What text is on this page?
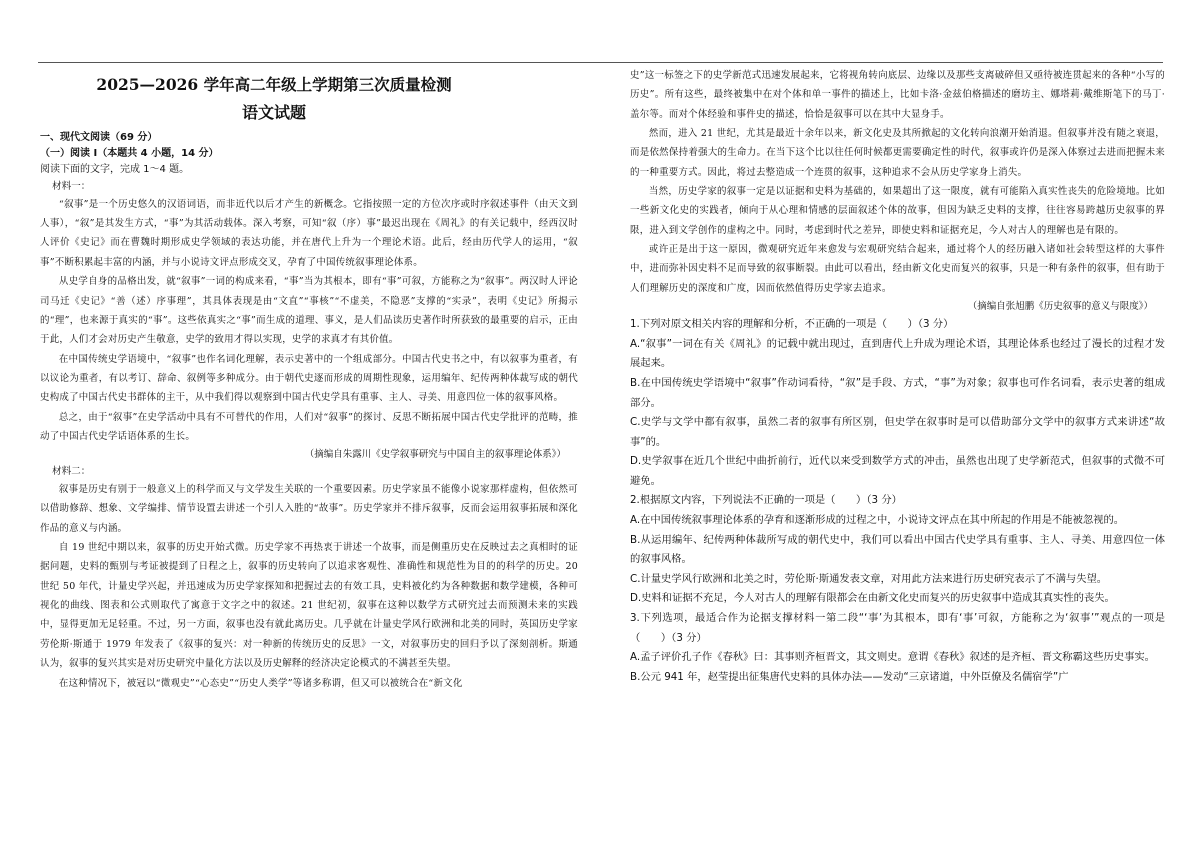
2025—2026 学年高二年级上学期第三次质量检测
语文试题
一、现代文阅读（69 分）
（一）阅读 I（本题共 4 小题，14 分）
阅读下面的文字，完成 1～4 题。
材料一：

“叙事”是一个历史悠久的汉语词语，而非近代以后才产生的新概念。它指按照一定的方位次序或时序叙述事件（由天文到人事），“叙”是其发生方式，“事”为其活动载体。深入考察，可知“叙（序）事”最迟出现在《周礼》的有关记载中，经西汉时人评价《史记》而在曹魏时期形成史学领域的表达功能，并在唐代上升为一个理论术语。此后，经由历代学人的运用，“叙事”不断积累起丰富的内涵，并与小说诗文评点形成交叉，孕育了中国传统叙事理论体系。

从史学自身的品格出发，就“叙事”一词的构成来看，“事”当为其根本，即有“事”可叙，方能称之为“叙事”。两汉时人评论司马迁《史记》“善（述）序事理”，其具体表现是由“文直”“事核”“不虚美，不隐恶”支撑的“实录”，表明《史记》所揭示的“理”，也来源于真实的“事”。这些依真实之“事”而生成的道理、事义，是人们品读历史著作时所获致的最重要的启示，正由于此，人们才会对历史产生敬意，史学的致用才得以实现，史学的求真才有其价值。

在中国传统史学语境中，“叙事”也作名词化理解，表示史著中的一个组成部分。中国古代史书之中，有以叙事为重者，有以议论为重者，有以考订、辞命、叙例等多种成分。由于朝代史逐而形成的周期性现象，运用编年、纪传两种体裁写成的朝代史构成了中国古代史书群体的主干，从中我们得以观察到中国古代史学具有重事、主人、寻美、用意四位一体的叙事风格。

总之，由于“叙事”在史学活动中具有不可替代的作用，人们对“叙事”的探讨、反思不断拓展中国古代史学批评的范畴，推动了中国古代史学话语体系的生长。

（摘编自朱露川《史学叙事研究与中国自主的叙事理论体系》）

材料二：

叙事是历史有别于一般意义上的科学而又与文学发生关联的一个重要因素。历史学家虽不能像小说家那样虚构，但依然可以借助修辞、想象、文学编排、情节设置去讲述一个引人入胜的“故事”。历史学家并不排斥叙事，反而会运用叙事拓展和深化作品的意义与内涵。

自 19 世纪中期以来，叙事的历史开始式微。历史学家不再热衷于讲述一个故事，而是侧重历史在反映过去之真相时的证据问题，史料的甄别与考证被提到了日程之上，叙事的历史转向了以追求客观性、准确性和规范性为目的的科学的历史。20 世纪 50 年代，计量史学兴起，并迅速成为历史学家探知和把握过去的有效工具，史料被化约为各种数据和数学建模，各种可视化的曲线、图表和公式则取代了寓意于文字之中的叙述。21 世纪初，叙事在这种以数学方式研究过去而预测未来的实践中，显得更加无足轻重。不过，另一方面，叙事也没有就此离历史。几乎就在计量史学风行欧洲和北美的同时，英国历史学家劳伦斯·斯通于 1979 年发表了《叙事的复兴：对一种新的传统历史的反思》一文，对叙事历史的回归予以了深刻剖析。斯通认为，叙事的复兴其实是对历史研究中量化方法以及历史解释的经济决定论模式的不满甚至失望。

在这种情况下，被冠以“微观史”“心态史”“历史人类学”等诸多称谓，但又可以被统合在“新文化

史”这一标签之下的史学新范式迅速发展起来，它将视角转向底层、边缘以及那些支离破碎但又亟待被连贯起来的各种“小写的历史”。所有这些，最终被集中在对个体和单一事件的描述上，比如卡洛·金兹伯格描述的磨坊主、娜塔莉·戴维斯笔下的马丁·盖尔等。而对个体经验和事件史的描述，恰恰是叙事可以在其中大显身手。

然而，进入 21 世纪，尤其是最近十余年以来，新文化史及其所掀起的文化转向浪潮开始消退。但叙事并没有随之衰退，而是依然保持着强大的生命力。在当下这个比以往任何时候都更需要确定性的时代，叙事或许仍是深入体察过去进而把握未来的一种重要方式。因此，将过去整造成一个连贯的叙事，这种追求不会从历史学家身上消失。

当然，历史学家的叙事一定是以证据和史料为基础的，如果超出了这一限度，就有可能陷入真实性丧失的危险境地。比如一些新文化史的实践者，倾向于从心理和情感的层面叙述个体的故事，但因为缺乏史料的支撑，往往容易跨越历史叙事的界限，进入到文学创作的虚构之中。同时，考虑到时代之差异，即使史料和证据充足，今人对古人的理解也是有限的。

或许正是出于这一原因，微观研究近年来愈发与宏观研究结合起来，通过将个人的经历融入诸如社会转型这样的大事件中，进而弥补因史料不足而导致的叙事断裂。由此可以看出，经由新文化史而复兴的叙事，只是一种有条件的叙事，但有助于人们理解历史的深度和广度，因而依然值得历史学家去追求。

（摘编自张旭鹏《历史叙事的意义与限度》）

1.下列对原文相关内容的理解和分析，不正确的一项是（　　）（3 分）

A.“叙事”一词在有关《周礼》的记载中就出现过，直到唐代上升成为理论术语，其理论体系也经过了漫长的过程才发展起来。

B.在中国传统史学语境中“叙事”作动词看待，“叙”是手段、方式，“事”为对象；叙事也可作名词看，表示史著的组成部分。

C.史学与文学中都有叙事，虽然二者的叙事有所区别，但史学在叙事时是可以借助部分文学中的叙事方式来讲述“故事”的。

D.史学叙事在近几个世纪中曲折前行，近代以来受到数学方式的冲击，虽然也出现了史学新范式，但叙事的式微不可避免。

2.根据原文内容，下列说法不正确的一项是（　　）（3 分）

A.在中国传统叙事理论体系的孕育和逐渐形成的过程之中，小说诗文评点在其中所起的作用是不能被忽视的。

B.从运用编年、纪传两种体裁所写成的朝代史中，我们可以看出中国古代史学具有重事、主人、寻美、用意四位一体的叙事风格。

C.计量史学风行欧洲和北美之时，劳伦斯·斯通发表文章，对用此方法来进行历史研究表示了不满与失望。

D.史料和证据不充足，今人对古人的理解有限都会在由新文化史而复兴的历史叙事中造成其真实性的丧失。

3.下列选项，最适合作为论据支撑材料一第二段“‘事’为其根本，即有‘事’可叙，方能称之为‘叙事’”观点的一项是（　　）（3 分）

A.孟子评价孔子作《春秋》曰：其事则齐桓晋文，其文则史。意谓《春秋》叙述的是齐桓、晋文称霸这些历史事实。

B.公元 941 年，赵莹提出征集唐代史料的具体办法——发动“三京诸道，中外臣僚及名儒宿学”广
